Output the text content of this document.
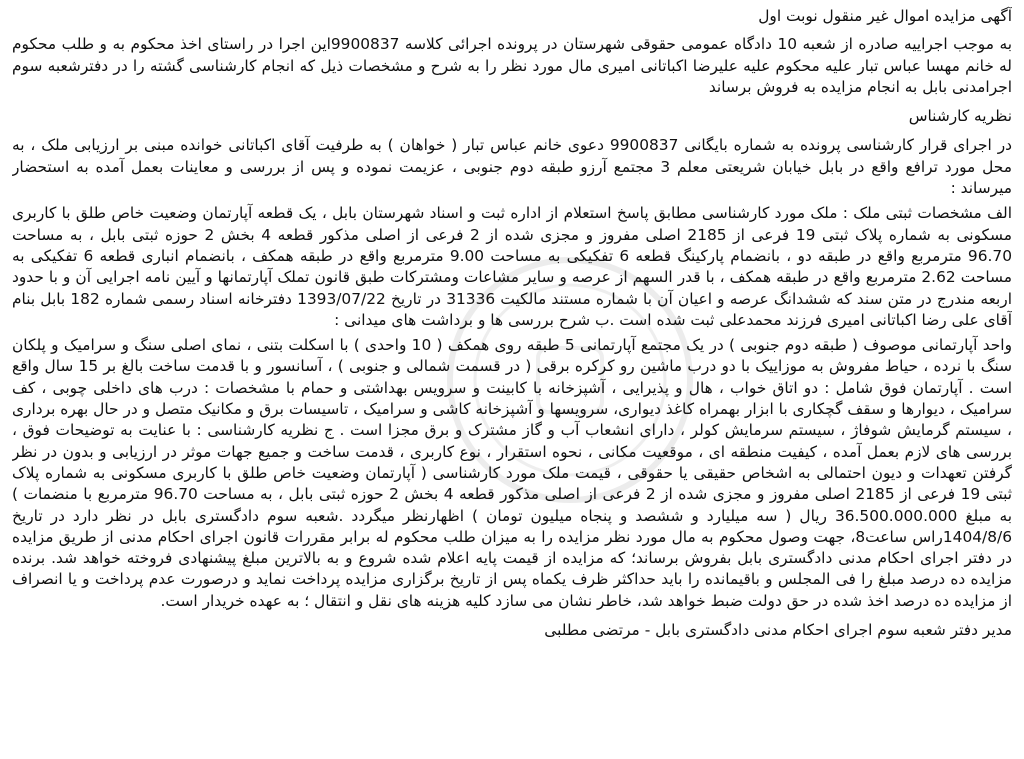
آگهی مزایده اموال غیر منقول نوبت اول

به موجب اجراییه صادره از شعبه 10 دادگاه عمومی حقوقی شهرستان در پرونده اجرائی کلاسه 9900837این اجرا در راستای اخذ محکوم به و طلب محکوم له خانم مهسا عباس تبار علیه محکوم علیه علیرضا اکباتانی امیری مال مورد نظر را به شرح و مشخصات ذیل که انجام کارشناسی گشته را در دفترشعبه سوم اجرامدنی بابل به انجام مزایده به فروش برساند

نظریه کارشناس

در اجرای قرار کارشناسی پرونده به شماره بایگانی 9900837 دعوی خانم عباس تبار ( خواهان ) به طرفیت آقای اکباتانی خوانده مبنی بر ارزیابی ملک ، به محل مورد ترافع واقع در بابل خیابان شریعتی معلم 3 مجتمع آرزو طبقه دوم جنوبی ، عزیمت نموده و پس از بررسی و معاینات بعمل آمده به استحضار میرساند :

الف مشخصات ثبتی ملک : ملک مورد کارشناسی مطابق پاسخ استعلام از اداره ثبت و اسناد شهرستان بابل ، یک قطعه آپارتمان وضعیت خاص طلق با کاربری مسکونی به شماره پلاک ثبتی 19 فرعی از 2185 اصلی مفروز و مجزی شده از 2 فرعی از اصلی مذکور قطعه 4 بخش 2 حوزه ثبتی بابل ، به مساحت 96.70 مترمربع واقع در طبقه دو ، بانضمام پارکینگ قطعه 6 تفکیکی به مساحت 9.00 مترمربع واقع در طبقه همکف ، بانضمام انباری قطعه 6 تفکیکی به مساحت 2.62 مترمربع واقع در طبقه همکف ، با قدر السهم از عرصه و سایر مشاعات ومشترکات طبق قانون تملک آپارتمانها و آیین نامه اجرایی آن و با حدود اربعه مندرج در متن سند که ششدانگ عرصه و اعیان آن با شماره مستند مالکیت 31336 در تاریخ 1393/07/22 دفترخانه اسناد رسمی شماره 182 بابل بنام آقای علی رضا اکباتانی امیری فرزند محمدعلی ثبت شده است .ب شرح بررسی ها و برداشت های میدانی :

واحد آپارتمانی موصوف ( طبقه دوم جنوبی ) در یک مجتمع آپارتمانی 5 طبقه روی همکف ( 10 واحدی ) با اسکلت بتنی ، نمای اصلی سنگ و سرامیک و پلکان سنگ با نرده ، حیاط مفروش به موزاییک با دو درب ماشین رو کرکره برقی ( در قسمت شمالی و جنوبی ) ، آسانسور و با قدمت ساخت بالغ بر 15 سال واقع است . آپارتمان فوق شامل : دو اتاق خواب ، هال و پذیرایی ، آشپزخانه با کابینت و سرویس بهداشتی و حمام با مشخصات : درب های داخلی چوبی ، کف سرامیک ، دیوارها و سقف گچکاری با ابزار بهمراه کاغذ دیواری، سرویسها و آشپزخانه کاشی و سرامیک ، تاسیسات برق و مکانیک متصل و در حال بهره برداری ، سیستم گرمایش شوفاژ ، سیستم سرمایش کولر ، دارای انشعاب آب و گاز مشترک و برق مجزا است . ج نظریه کارشناسی : با عنایت به توضیحات فوق ، بررسی های لازم بعمل آمده ، کیفیت منطقه ای ، موقعیت مکانی ، نحوه استقرار ، نوع کاربری ، قدمت ساخت و جمیع جهات موثر در ارزیابی و بدون در نظر گرفتن تعهدات و دیون احتمالی به اشخاص حقیقی یا حقوقی ، قیمت ملک مورد کارشناسی ( آپارتمان وضعیت خاص طلق با کاربری مسکونی به شماره پلاک ثبتی 19 فرعی از 2185 اصلی مفروز و مجزی شده از 2 فرعی از اصلی مذکور قطعه 4 بخش 2 حوزه ثبتی بابل ، به مساحت 96.70 مترمربع با منضمات ) به مبلغ 36.500.000.000 ریال ( سه میلیارد و ششصد و پنجاه میلیون تومان ) اظهارنظر میگردد .شعبه سوم دادگستری بابل در نظر دارد در تاریخ 1404/8/6راس ساعت8، جهت وصول محکوم به مال مورد نظر مزایده را به میزان طلب محکوم له برابر مقررات قانون اجرای احکام مدنی از طریق مزایده در دفتر اجرای احکام مدنی دادگستری بابل بفروش برساند؛ که مزایده از قیمت پایه اعلام شده شروع و به بالاترین مبلغ پیشنهادی فروخته خواهد شد. برنده مزایده ده درصد مبلغ را فی المجلس و باقیمانده را باید حداکثر ظرف یکماه پس از تاریخ برگزاری مزایده پرداخت نماید و درصورت عدم پرداخت و یا انصراف از مزایده ده درصد اخذ شده در حق دولت ضبط خواهد شد، خاطر نشان می سازد کلیه هزینه های نقل و انتقال ؛ به عهده خریدار است.

مدیر دفتر شعبه سوم اجرای احکام مدنی دادگستری بابل - مرتضی مطلبی
